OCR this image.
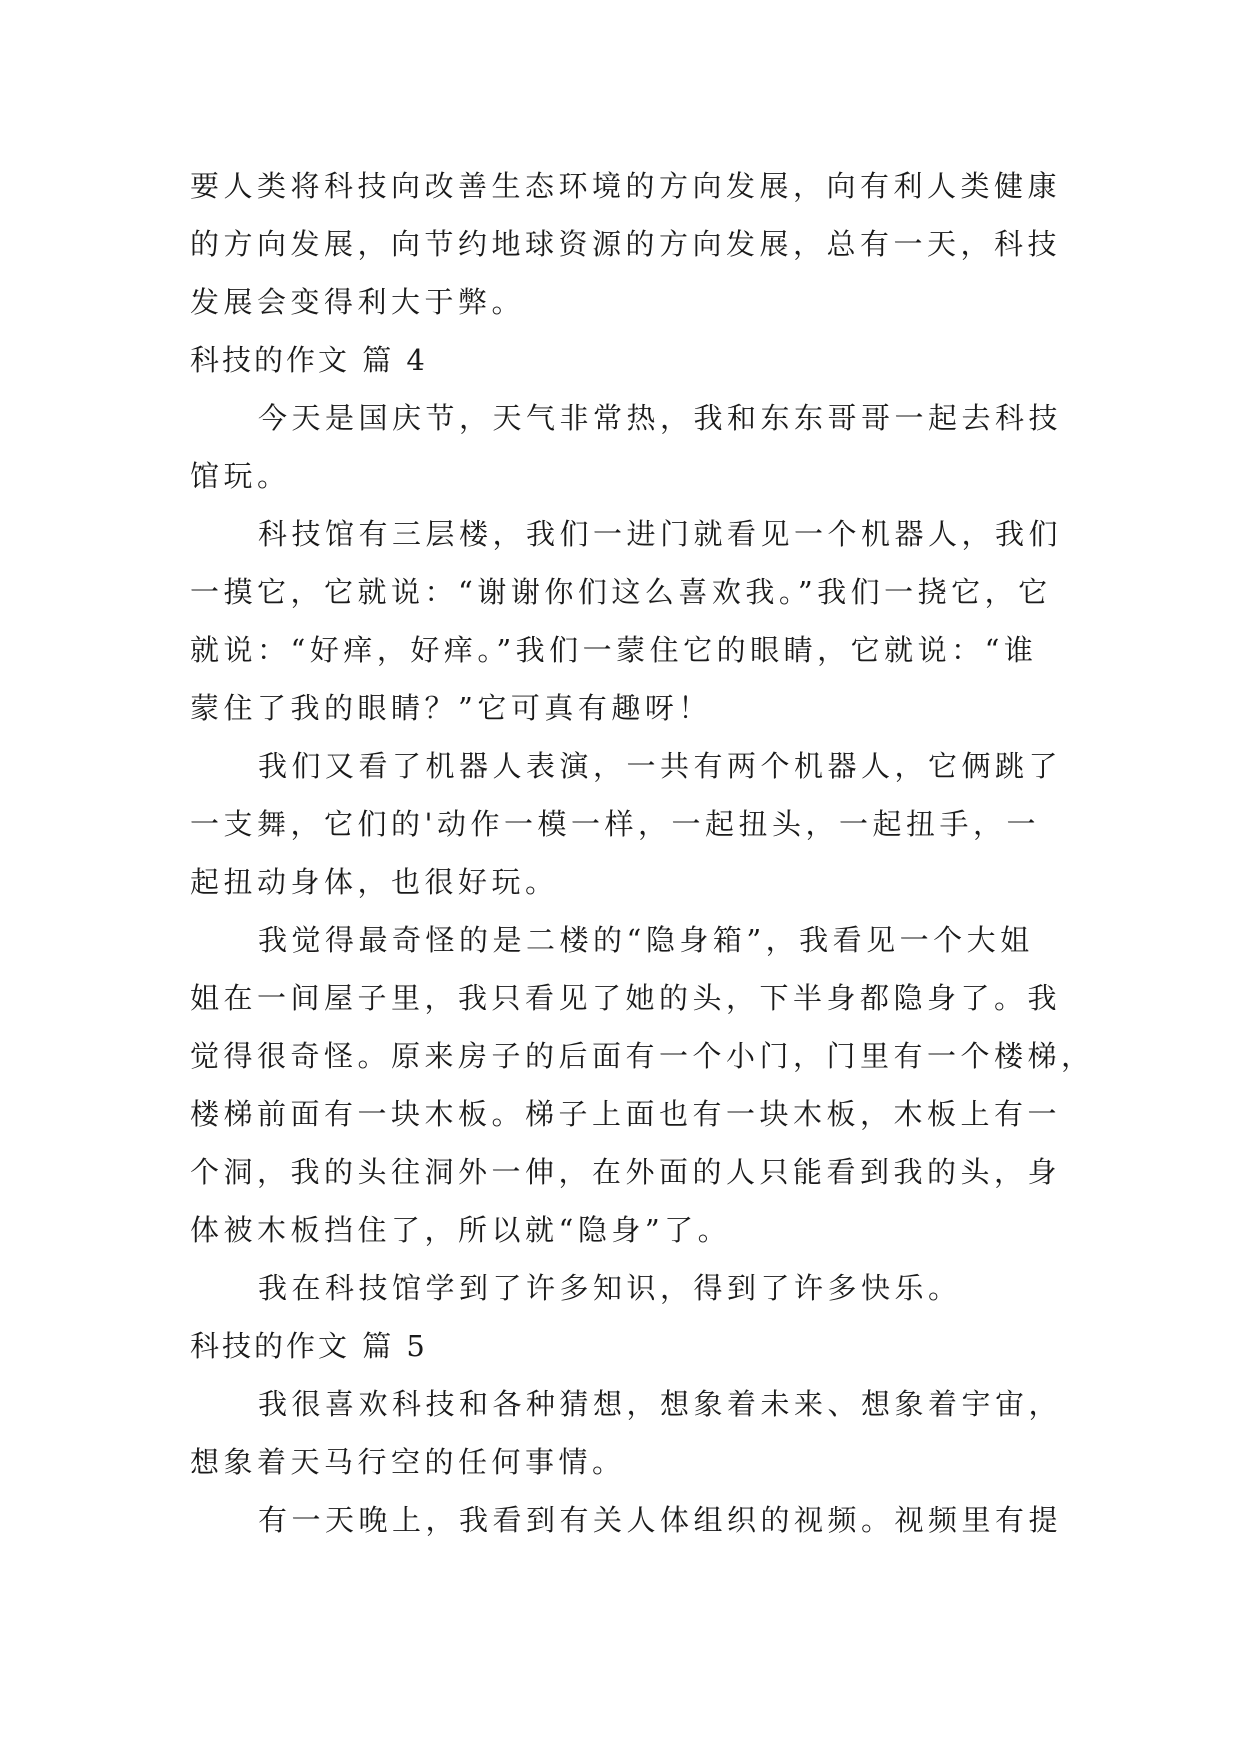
要人类将科技向改善生态环境的方向发展，向有利人类健康
的方向发展，向节约地球资源的方向发展，总有一天，科技
发展会变得利大于弊。
科技的作文 篇 4
今天是国庆节，天气非常热，我和东东哥哥一起去科技
馆玩。
科技馆有三层楼，我们一进门就看见一个机器人，我们
一摸它，它就说：“谢谢你们这么喜欢我。”我们一挠它，它
就说：“好痒，好痒。”我们一蒙住它的眼睛，它就说：“谁
蒙住了我的眼睛？”它可真有趣呀！
我们又看了机器人表演，一共有两个机器人，它俩跳了
一支舞，它们的'动作一模一样，一起扭头，一起扭手，一
起扭动身体，也很好玩。
我觉得最奇怪的是二楼的“隐身箱”，我看见一个大姐
姐在一间屋子里，我只看见了她的头，下半身都隐身了。我
觉得很奇怪。原来房子的后面有一个小门，门里有一个楼梯，
楼梯前面有一块木板。梯子上面也有一块木板，木板上有一
个洞，我的头往洞外一伸，在外面的人只能看到我的头，身
体被木板挡住了，所以就“隐身”了。
我在科技馆学到了许多知识，得到了许多快乐。
科技的作文 篇 5
我很喜欢科技和各种猜想，想象着未来、想象着宇宙，
想象着天马行空的任何事情。
有一天晚上，我看到有关人体组织的视频。视频里有提
